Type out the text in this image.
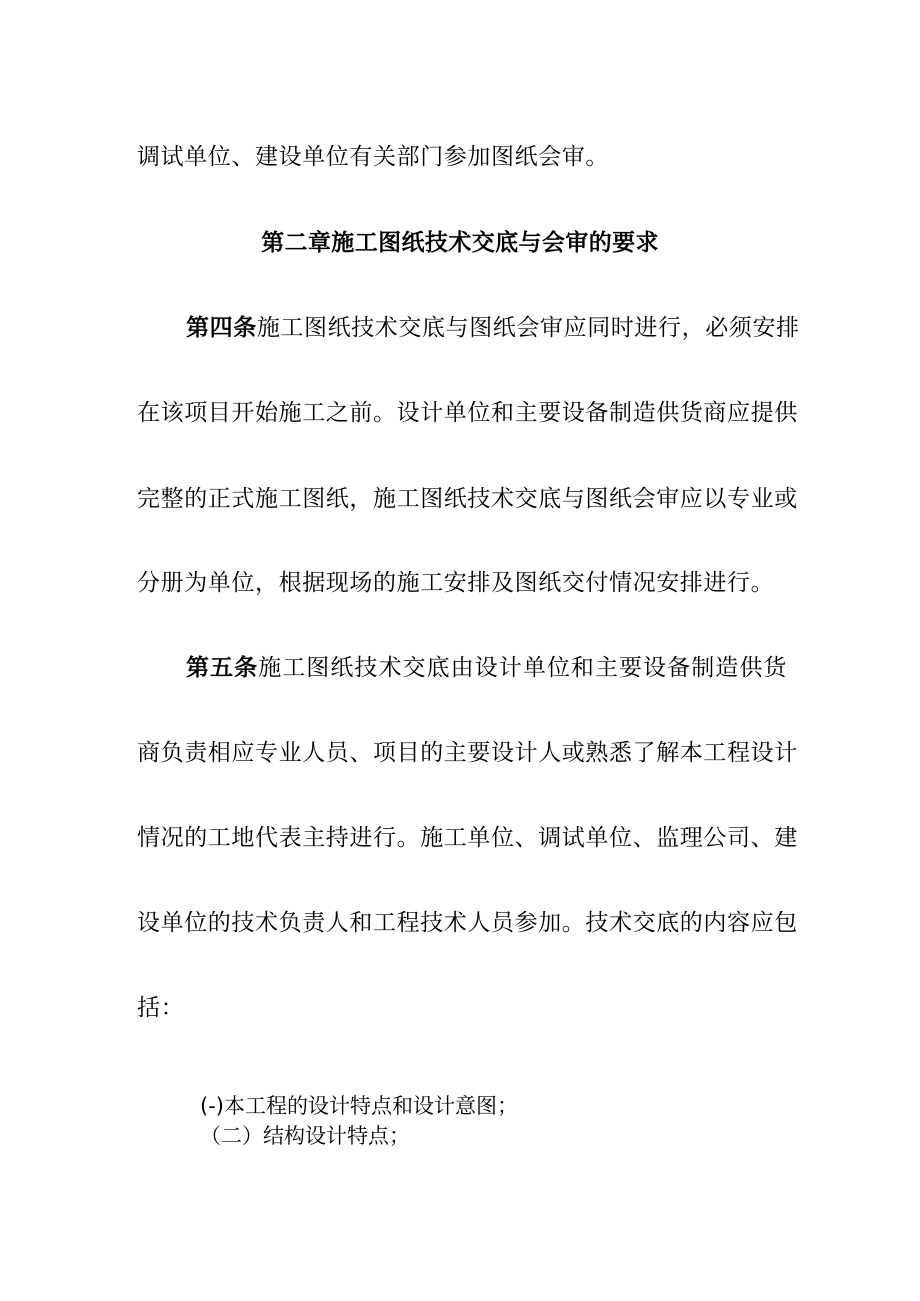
调试单位、建设单位有关部门参加图纸会审。
第二章施工图纸技术交底与会审的要求
第四条施工图纸技术交底与图纸会审应同时进行，必须安排
在该项目开始施工之前。设计单位和主要设备制造供货商应提供
完整的正式施工图纸，施工图纸技术交底与图纸会审应以专业或
分册为单位，根据现场的施工安排及图纸交付情况安排进行。
第五条施工图纸技术交底由设计单位和主要设备制造供货
商负责相应专业人员、项目的主要设计人或熟悉了解本工程设计
情况的工地代表主持进行。施工单位、调试单位、监理公司、建
设单位的技术负责人和工程技术人员参加。技术交底的内容应包
括：
(-)本工程的设计特点和设计意图；
（二）结构设计特点；
